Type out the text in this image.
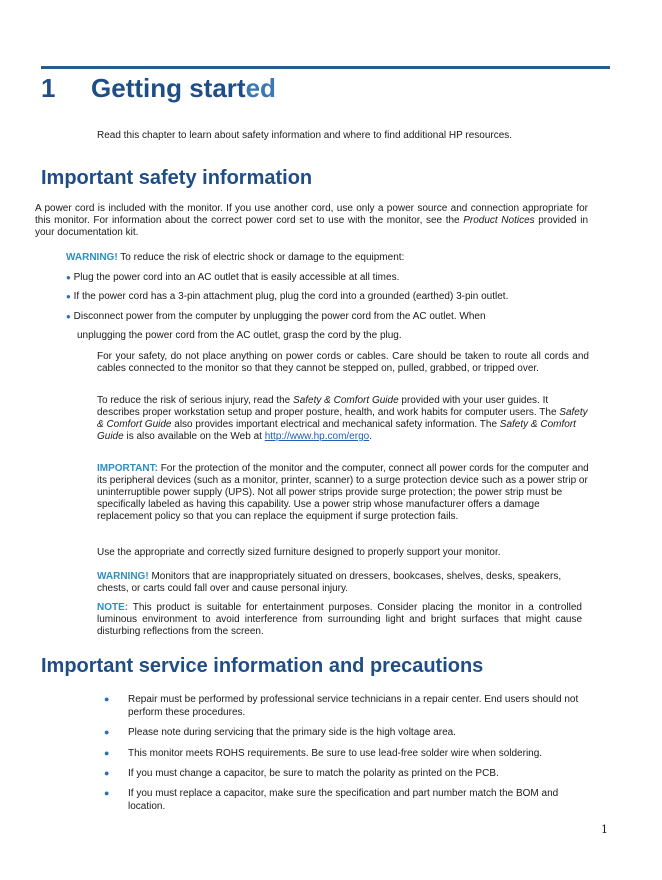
1 Getting started
Read this chapter to learn about safety information and where to find additional HP resources.
Important safety information
A power cord is included with the monitor. If you use another cord, use only a power source and connection appropriate for this monitor. For information about the correct power cord set to use with the monitor, see the Product Notices provided in your documentation kit.
WARNING! To reduce the risk of electric shock or damage to the equipment:
● Plug the power cord into an AC outlet that is easily accessible at all times.
● If the power cord has a 3-pin attachment plug, plug the cord into a grounded (earthed) 3-pin outlet.
● Disconnect power from the computer by unplugging the power cord from the AC outlet. When
unplugging the power cord from the AC outlet, grasp the cord by the plug.
For your safety, do not place anything on power cords or cables. Care should be taken to route all cords and cables connected to the monitor so that they cannot be stepped on, pulled, grabbed, or tripped over.
To reduce the risk of serious injury, read the Safety & Comfort Guide provided with your user guides. It describes proper workstation setup and proper posture, health, and work habits for computer users. The Safety & Comfort Guide also provides important electrical and mechanical safety information. The Safety & Comfort Guide is also available on the Web at http://www.hp.com/ergo.
IMPORTANT: For the protection of the monitor and the computer, connect all power cords for the computer and its peripheral devices (such as a monitor, printer, scanner) to a surge protection device such as a power strip or uninterruptible power supply (UPS). Not all power strips provide surge protection; the power strip must be specifically labeled as having this capability. Use a power strip whose manufacturer offers a damage replacement policy so that you can replace the equipment if surge protection fails.
Use the appropriate and correctly sized furniture designed to properly support your monitor.
WARNING! Monitors that are inappropriately situated on dressers, bookcases, shelves, desks, speakers, chests, or carts could fall over and cause personal injury.
NOTE: This product is suitable for entertainment purposes. Consider placing the monitor in a controlled luminous environment to avoid interference from surrounding light and bright surfaces that might cause disturbing reflections from the screen.
Important service information and precautions
● Repair must be performed by professional service technicians in a repair center. End users should not perform these procedures.
● Please note during servicing that the primary side is the high voltage area.
● This monitor meets ROHS requirements. Be sure to use lead-free solder wire when soldering.
● If you must change a capacitor, be sure to match the polarity as printed on the PCB.
● If you must replace a capacitor, make sure the specification and part number match the BOM and location.
1
